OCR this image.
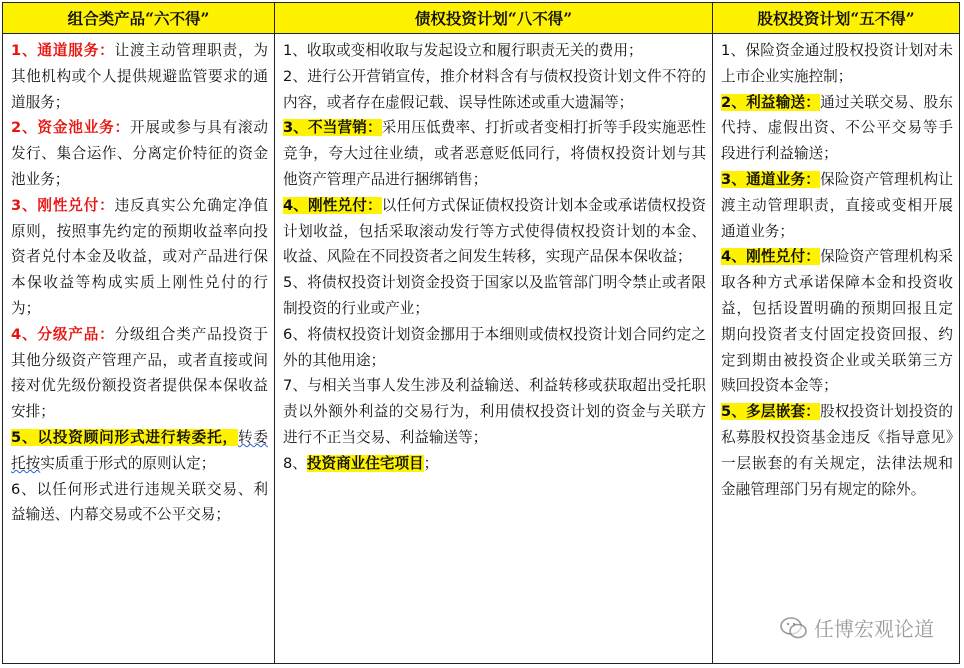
组合类产品“六不得”	债权投资计划“八不得”	股权投资计划“五不得”
1、通道服务：让渡主动管理职责，为其他机构或个人提供规避监管要求的通道服务；
2、资金池业务：开展或参与具有滚动发行、集合运作、分离定价特征的资金池业务；
3、刚性兑付：违反真实公允确定净值原则，按照事先约定的预期收益率向投资者兑付本金及收益，或对产品进行保本保收益等构成实质上刚性兑付的行为；
4、分级产品：分级组合类产品投资于其他分级资产管理产品，或者直接或间接对优先级份额投资者提供保本保收益安排；
5、以投资顾问形式进行转委托，转委托按实质重于形式的原则认定；
6、以任何形式进行违规关联交易、利益输送、内幕交易或不公平交易；
1、收取或变相收取与发起设立和履行职责无关的费用；
2、进行公开营销宣传，推介材料含有与债权投资计划文件不符的内容，或者存在虚假记载、误导性陈述或重大遗漏等；
3、不当营销：采用压低费率、打折或者变相打折等手段实施恶性竞争，夸大过往业绩，或者恶意贬低同行，将债权投资计划与其他资产管理产品进行捆绑销售；
4、刚性兑付：以任何方式保证债权投资计划本金或承诺债权投资计划收益，包括采取滚动发行等方式使得债权投资计划的本金、收益、风险在不同投资者之间发生转移，实现产品保本保收益；
5、将债权投资计划资金投资于国家以及监管部门明令禁止或者限制投资的行业或产业；
6、将债权投资计划资金挪用于本细则或债权投资计划合同约定之外的其他用途；
7、与相关当事人发生涉及利益输送、利益转移或获取超出受托职责以外额外利益的交易行为，利用债权投资计划的资金与关联方进行不正当交易、利益输送等；
8、投资商业住宅项目；
1、保险资金通过股权投资计划对未上市企业实施控制；
2、利益输送：通过关联交易、股东代持、虚假出资、不公平交易等手段进行利益输送；
3、通道业务：保险资产管理机构让渡主动管理职责，直接或变相开展通道业务；
4、刚性兑付：保险资产管理机构采取各种方式承诺保障本金和投资收益，包括设置明确的预期回报且定期向投资者支付固定投资回报、约定到期由被投资企业或关联第三方赎回投资本金等；
5、多层嵌套：股权投资计划投资的私募股权投资基金违反《指导意见》一层嵌套的有关规定，法律法规和金融管理部门另有规定的除外。
任博宏观论道
